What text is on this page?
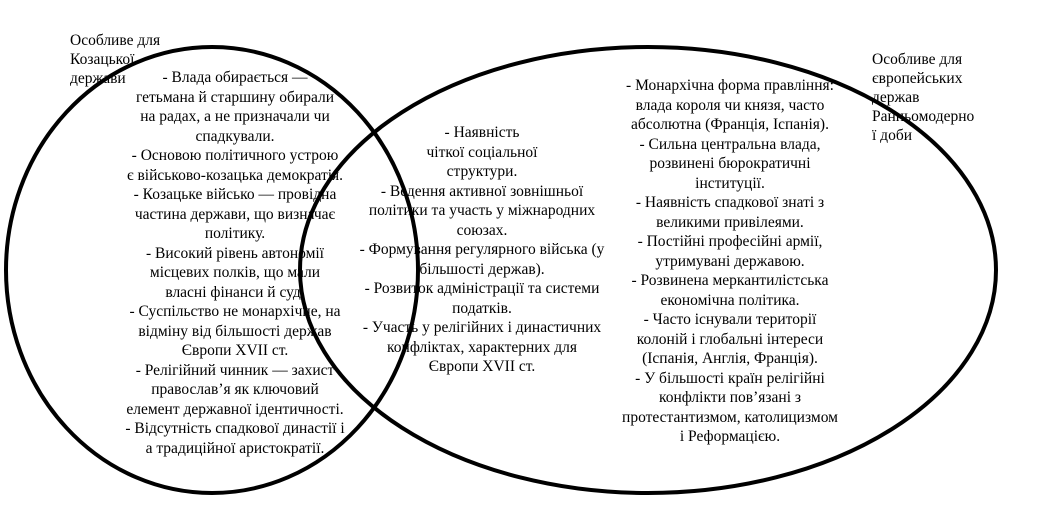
Особливе для
Козацької
держави
Особливе для
європейських
держав
Ранньомодерно
ї доби
- Влада обирається —
гетьмана й старшину обирали
на радах, а не призначали чи
спадкували.
- Основою політичного устрою
є військово-козацька демократія.
- Козацьке військо — провідна
частина держави, що визначає
політику.
- Високий рівень автономії
місцевих полків, що мали
власні фінанси й суд.
- Суспільство не монархічне, на
відміну від більшості держав
Європи XVII ст.
- Релігійний чинник — захист
православ’я як ключовий
елемент державної ідентичності.
- Відсутність спадкової династії і
а традиційної аристократії.
- Наявність
чіткої соціальної
структури.
- Ведення активної зовнішньої
політики та участь у міжнародних
союзах.
- Формування регулярного війська (у
більшості держав).
- Розвиток адміністрації та системи
податків.
- Участь у релігійних і династичних
конфліктах, характерних для
Європи XVII ст.
- Монархічна форма правління:
влада короля чи князя, часто
абсолютна (Франція, Іспанія).
- Сильна центральна влада,
розвинені бюрократичні
інституції.
- Наявність спадкової знаті з
великими привілеями.
- Постійні професійні армії,
утримувані державою.
- Розвинена меркантилістська
економічна політика.
- Часто існували території
колоній і глобальні інтереси
(Іспанія, Англія, Франція).
- У більшості країн релігійні
конфлікти пов’язані з
протестантизмом, католицизмом
і Реформацією.
